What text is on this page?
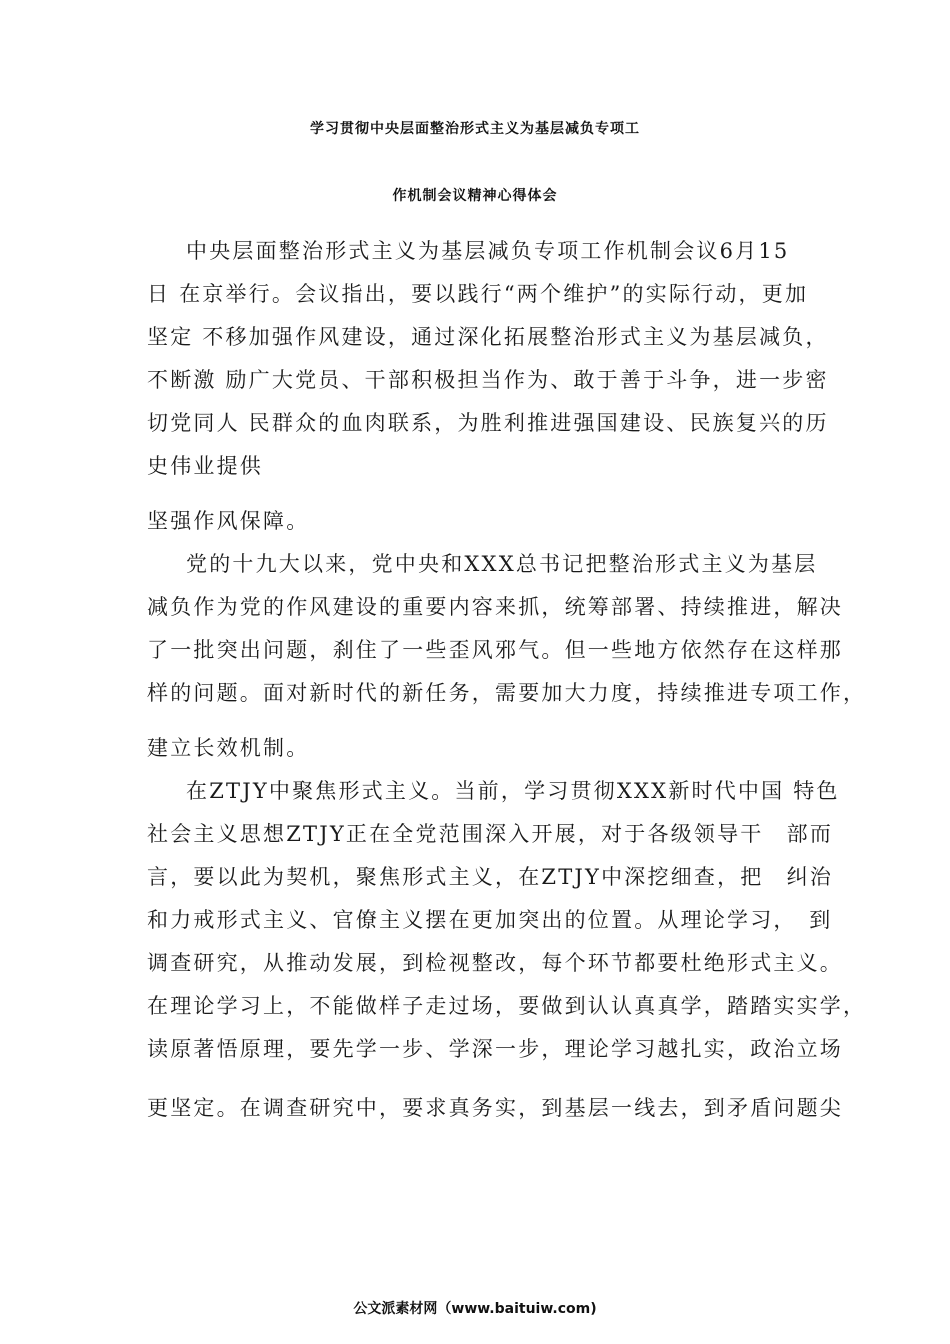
学习贯彻中央层面整治形式主义为基层减负专项工
作机制会议精神心得体会
中央层面整治形式主义为基层减负专项工作机制会议6月15
日 在京举行。会议指出，要以践行“两个维护”的实际行动，更加
坚定 不移加强作风建设，通过深化拓展整治形式主义为基层减负，
不断激 励广大党员、干部积极担当作为、敢于善于斗争，进一步密
切党同人 民群众的血肉联系，为胜利推进强国建设、民族复兴的历
史伟业提供
坚强作风保障。
党的十九大以来，党中央和XXX总书记把整治形式主义为基层
减负作为党的作风建设的重要内容来抓，统筹部署、持续推进，解决
了一批突出问题，刹住了一些歪风邪气。但一些地方依然存在这样那
样的问题。面对新时代的新任务，需要加大力度，持续推进专项工作，
建立长效机制。
在ZTJY中聚焦形式主义。当前，学习贯彻XXX新时代中国 特色
社会主义思想ZTJY正在全党范围深入开展，对于各级领导干　部而
言，要以此为契机，聚焦形式主义，在ZTJY中深挖细查，把　纠治
和力戒形式主义、官僚主义摆在更加突出的位置。从理论学习，　到
调查研究，从推动发展，到检视整改，每个环节都要杜绝形式主义。
在理论学习上，不能做样子走过场，要做到认认真真学，踏踏实实学，
读原著悟原理，要先学一步、学深一步，理论学习越扎实，政治立场
更坚定。在调查研究中，要求真务实，到基层一线去，到矛盾问题尖
公文派素材网（www.baituiw.com)
